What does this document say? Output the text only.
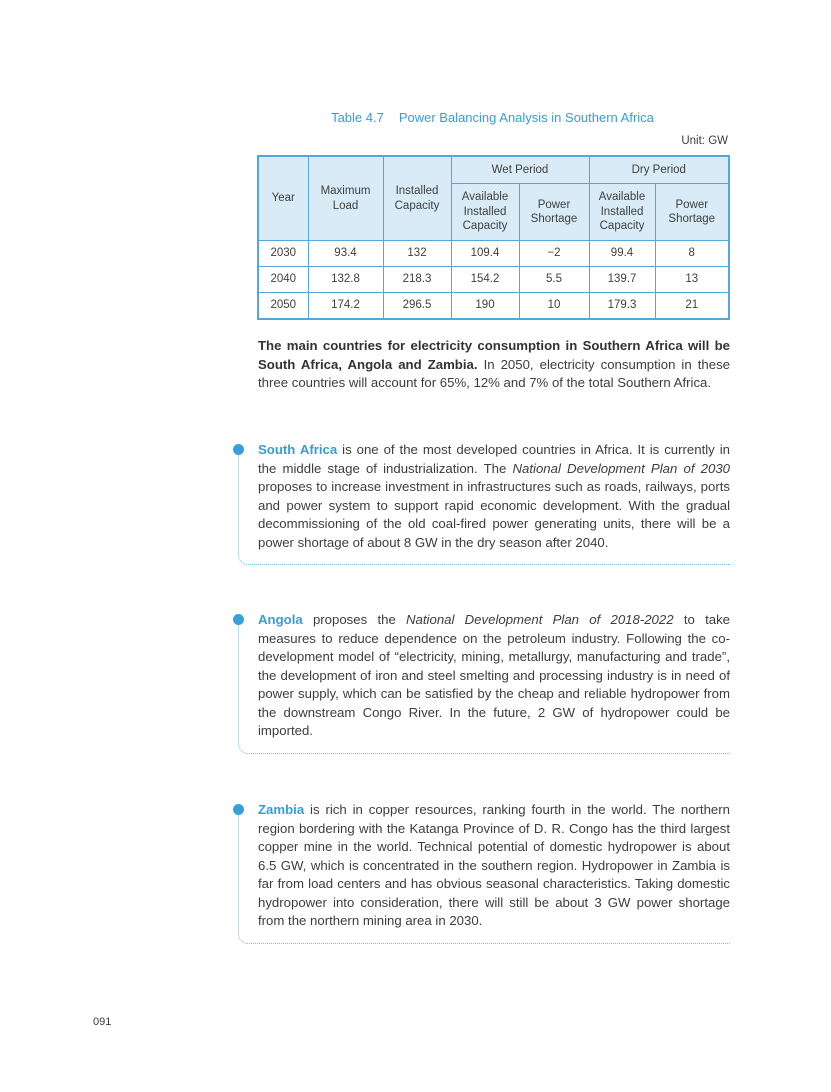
Table 4.7 Power Balancing Analysis in Southern Africa
Unit: GW
Year	Maximum Load	Installed Capacity	Wet Period		Dry Period	
			Available Installed Capacity	Power Shortage	Available Installed Capacity	Power Shortage
2030	93.4	132	109.4	−2	99.4	8
2040	132.8	218.3	154.2	5.5	139.7	13
2050	174.2	296.5	190	10	179.3	21

The main countries for electricity consumption in Southern Africa will be South Africa, Angola and Zambia. In 2050, electricity consumption in these three countries will account for 65%, 12% and 7% of the total Southern Africa.

South Africa is one of the most developed countries in Africa. It is currently in the middle stage of industrialization. The National Development Plan of 2030 proposes to increase investment in infrastructures such as roads, railways, ports and power system to support rapid economic development. With the gradual decommissioning of the old coal-fired power generating units, there will be a power shortage of about 8 GW in the dry season after 2040.
Angola proposes the National Development Plan of 2018-2022 to take measures to reduce dependence on the petroleum industry. Following the co-development model of “electricity, mining, metallurgy, manufacturing and trade”, the development of iron and steel smelting and processing industry is in need of power supply, which can be satisfied by the cheap and reliable hydropower from the downstream Congo River. In the future, 2 GW of hydropower could be imported.
Zambia is rich in copper resources, ranking fourth in the world. The northern region bordering with the Katanga Province of D. R. Congo has the third largest copper mine in the world. Technical potential of domestic hydropower is about 6.5 GW, which is concentrated in the southern region. Hydropower in Zambia is far from load centers and has obvious seasonal characteristics. Taking domestic hydropower into consideration, there will still be about 3 GW power shortage from the northern mining area in 2030.
091
